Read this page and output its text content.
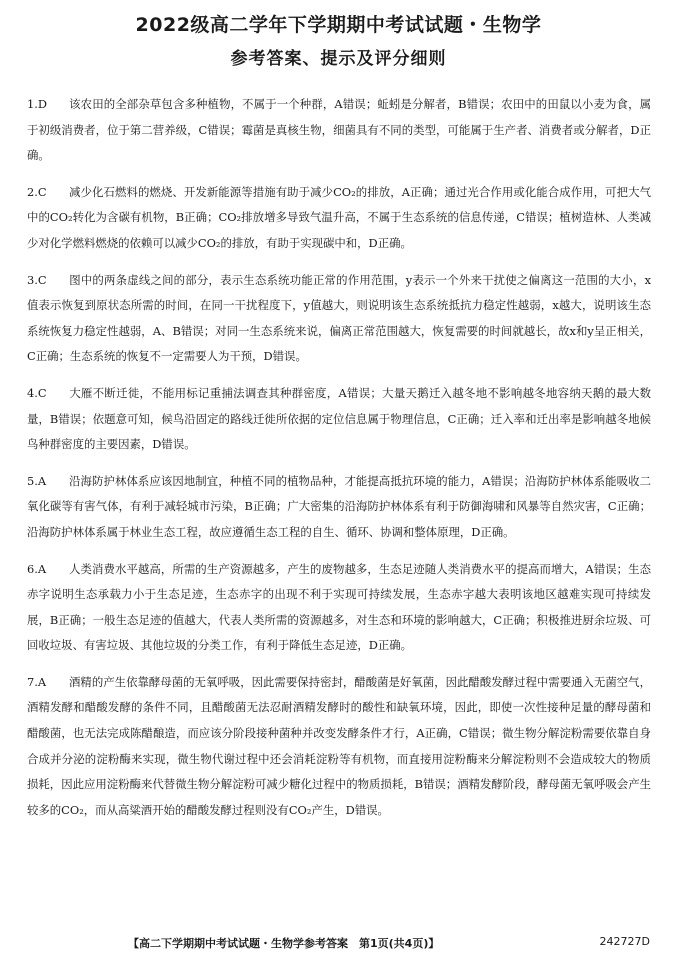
2022级高二学年下学期期中考试试题・生物学
参考答案、提示及评分细则

1.D 该农田的全部杂草包含多种植物，不属于一个种群，A错误；蚯蚓是分解者，B错误；农田中的田鼠以小麦为食，属于初级消费者，位于第二营养级，C错误；霉菌是真核生物，细菌具有不同的类型，可能属于生产者、消费者或分解者，D正确。

2.C 减少化石燃料的燃烧、开发新能源等措施有助于减少CO₂的排放，A正确；通过光合作用或化能合成作用，可把大气中的CO₂转化为含碳有机物，B正确；CO₂排放增多导致气温升高，不属于生态系统的信息传递，C错误；植树造林、人类减少对化学燃料燃烧的依赖可以减少CO₂的排放，有助于实现碳中和，D正确。

3.C 图中的两条虚线之间的部分，表示生态系统功能正常的作用范围，y表示一个外来干扰使之偏离这一范围的大小，x值表示恢复到原状态所需的时间，在同一干扰程度下，y值越大，则说明该生态系统抵抗力稳定性越弱，x越大，说明该生态系统恢复力稳定性越弱，A、B错误；对同一生态系统来说，偏离正常范围越大，恢复需要的时间就越长，故x和y呈正相关，C正确；生态系统的恢复不一定需要人为干预，D错误。

4.C 大雁不断迁徙，不能用标记重捕法调查其种群密度，A错误；大量天鹅迁入越冬地不影响越冬地容纳天鹅的最大数量，B错误；依题意可知，候鸟沿固定的路线迁徙所依据的定位信息属于物理信息，C正确；迁入率和迁出率是影响越冬地候鸟种群密度的主要因素，D错误。

5.A 沿海防护林体系应该因地制宜，种植不同的植物品种，才能提高抵抗环境的能力，A错误；沿海防护林体系能吸收二氧化碳等有害气体，有利于减轻城市污染，B正确；广大密集的沿海防护林体系有利于防御海啸和风暴等自然灾害，C正确；沿海防护林体系属于林业生态工程，故应遵循生态工程的自生、循环、协调和整体原理，D正确。

6.A 人类消费水平越高，所需的生产资源越多，产生的废物越多，生态足迹随人类消费水平的提高而增大，A错误；生态赤字说明生态承载力小于生态足迹，生态赤字的出现不利于实现可持续发展，生态赤字越大表明该地区越难实现可持续发展，B正确；一般生态足迹的值越大，代表人类所需的资源越多，对生态和环境的影响越大，C正确；积极推进厨余垃圾、可回收垃圾、有害垃圾、其他垃圾的分类工作，有利于降低生态足迹，D正确。

7.A 酒精的产生依靠酵母菌的无氧呼吸，因此需要保持密封，醋酸菌是好氧菌，因此醋酸发酵过程中需要通入无菌空气，酒精发酵和醋酸发酵的条件不同，且醋酸菌无法忍耐酒精发酵时的酸性和缺氧环境，因此，即使一次性接种足量的酵母菌和醋酸菌，也无法完成陈醋酿造，而应该分阶段接种菌种并改变发酵条件才行，A正确，C错误；微生物分解淀粉需要依靠自身合成并分泌的淀粉酶来实现，微生物代谢过程中还会消耗淀粉等有机物，而直接用淀粉酶来分解淀粉则不会造成较大的物质损耗，因此应用淀粉酶来代替微生物分解淀粉可减少糖化过程中的物质损耗，B错误；酒精发酵阶段，酵母菌无氧呼吸会产生较多的CO₂，而从高粱酒开始的醋酸发酵过程则没有CO₂产生，D错误。

【高二下学期期中考试试题・生物学参考答案　第1页(共4页)】	242727D
